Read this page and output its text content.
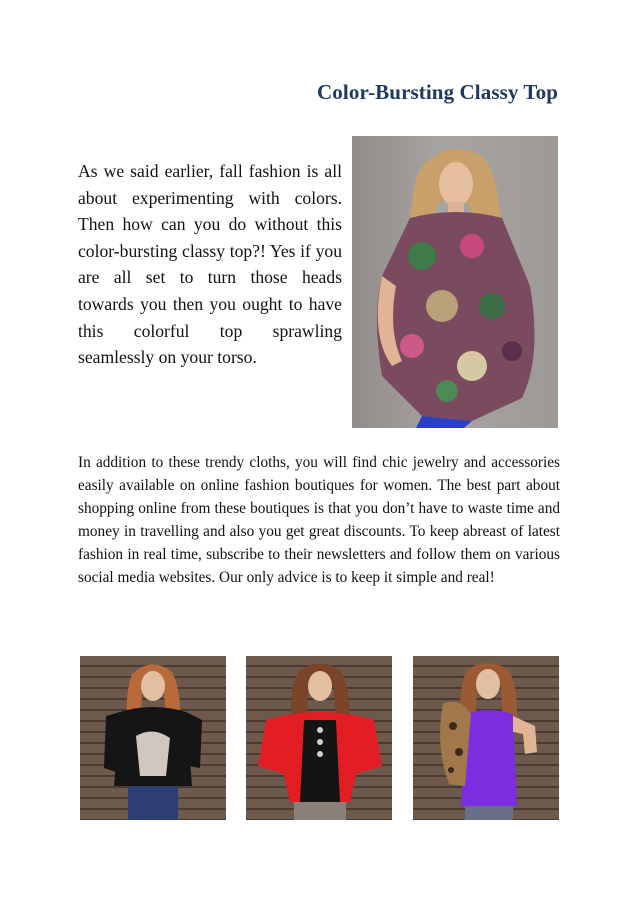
Color-Bursting Classy Top

As we said earlier, fall fashion is all about experimenting with colors. Then how can you do without this color-bursting classy top?! Yes if you are all set to turn those heads towards you then you ought to have this colorful top sprawling seamlessly on your torso.

In addition to these trendy cloths, you will find chic jewelry and accessories easily available on online fashion boutiques for women. The best part about shopping online from these boutiques is that you don’t have to waste time and money in travelling and also you get great discounts. To keep abreast of latest fashion in real time, subscribe to their newsletters and follow them on various social media websites. Our only advice is to keep it simple and real!
